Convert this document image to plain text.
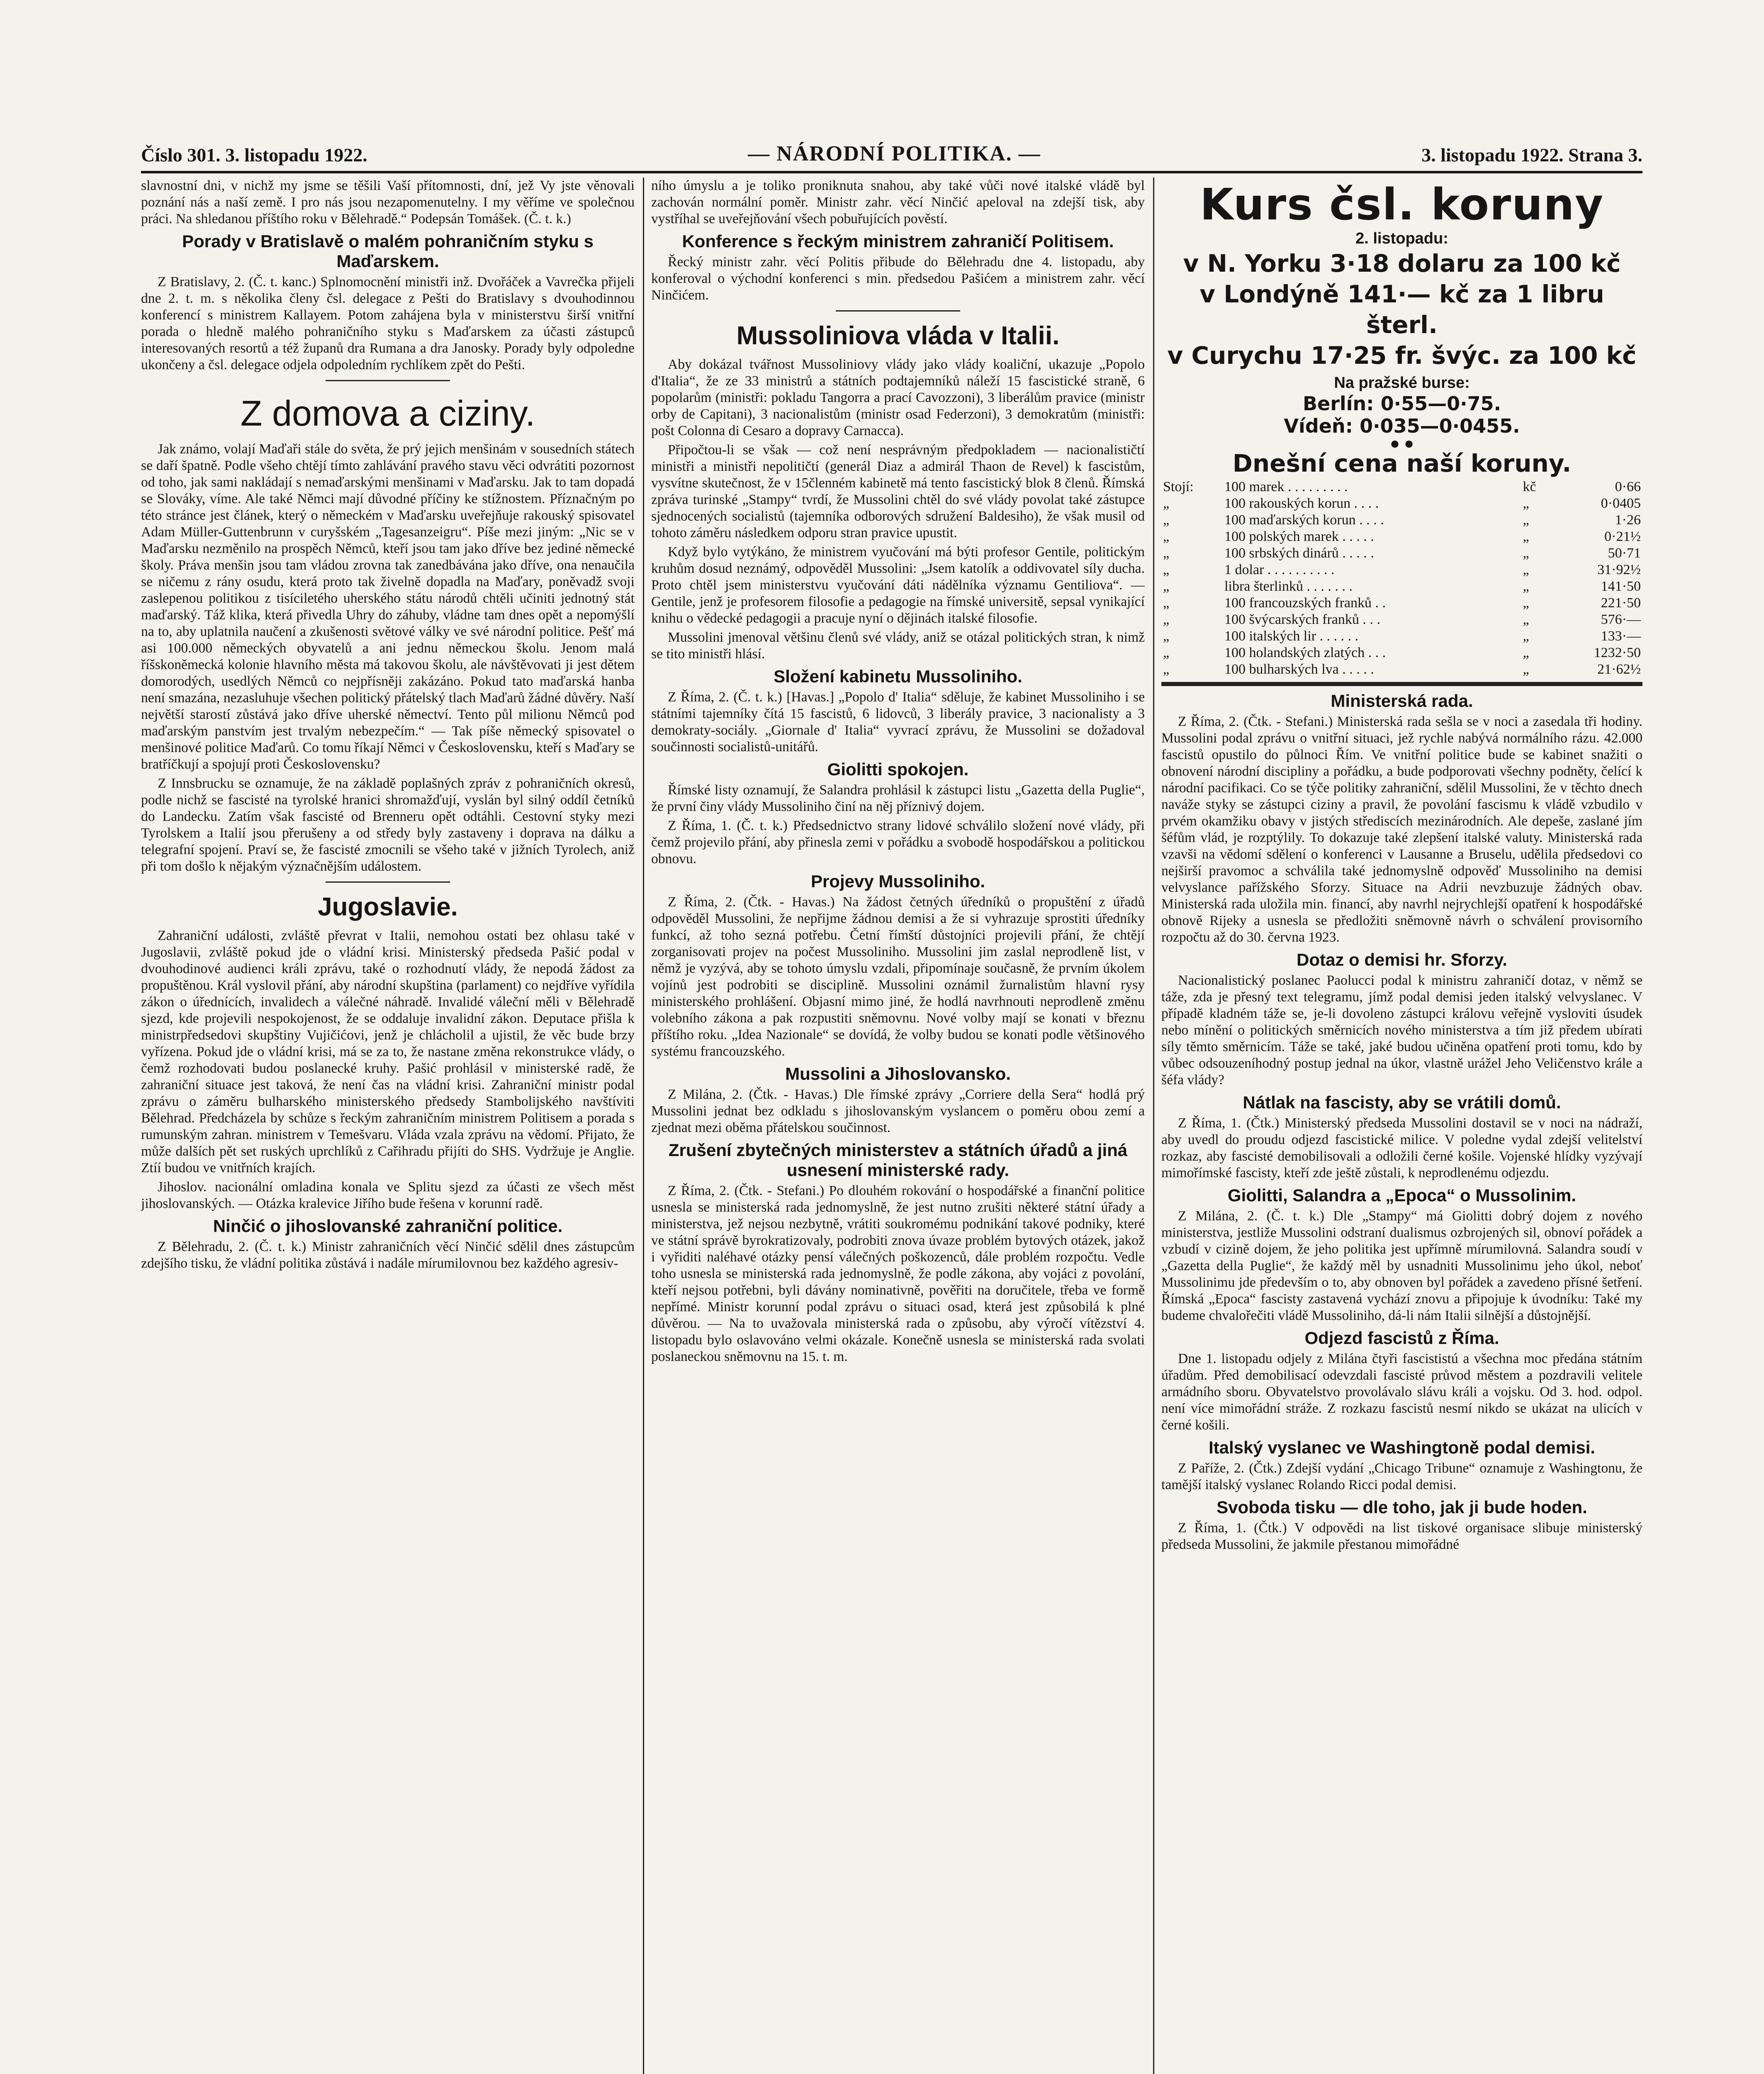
Číslo 301. 3. listopadu 1922.	— NÁRODNÍ POLITIKA. —	3. listopadu 1922. Strana 3.

slavnostní dni, v nichž my jsme se těšili Vaší přítomnosti, dní, jež Vy jste věnovali poznání nás a naší země. I pro nás jsou nezapomenutelny. I my věříme ve společnou práci. Na shledanou příštího roku v Bělehradě.“ Podepsán Tomášek. (Č. t. k.)

Porady v Bratislavě o malém pohraničním styku s Maďarskem.

Z Bratislavy, 2. (Č. t. kanc.) Splnomocnění ministři inž. Dvořáček a Vavrečka přijeli dne 2. t. m. s několika členy čsl. delegace z Pešti do Bratislavy s dvouhodinnou konferencí s ministrem Kallayem. Potom zahájena byla v ministerstvu širší vnitřní porada o hledně malého pohraničního styku s Maďarskem za účasti zástupců interesovaných resortů a též županů dra Rumana a dra Janosky. Porady byly odpoledne ukončeny a čsl. delegace odjela odpoledním rychlíkem zpět do Pešti.

Z domova a ciziny.

Jak známo, volají Maďaři stále do světa, že prý jejich menšinám v sousedních státech se daří špatně. Podle všeho chtějí tímto zahlávání pravého stavu věci odvrátiti pozornost od toho, jak sami nakládají s nemaďarskými menšinami v Maďarsku. Jak to tam dopadá se Slováky, víme. Ale také Němci mají důvodné příčiny ke stížnostem. Příznačným po této stránce jest článek, který o německém v Maďarsku uveřejňuje rakouský spisovatel Adam Müller-Guttenbrunn v curyšském „Tagesanzeigru“. Píše mezi jiným: „Nic se v Maďarsku nezměnilo na prospěch Němců, kteří jsou tam jako dříve bez jediné německé školy. Práva menšin jsou tam vládou zrovna tak zanedbávána jako dříve, ona nenaučila se ničemu z rány osudu, která proto tak živelně dopadla na Maďary, poněvadž svoji zaslepenou politikou z tisíciletého uherského státu národů chtěli učiniti jednotný stát maďarský. Táž klika, která přivedla Uhry do záhuby, vládne tam dnes opět a nepomýšlí na to, aby uplatnila naučení a zkušenosti světové války ve své národní politice. Pešť má asi 100.000 německých obyvatelů a ani jednu německou školu. Jenom malá říšskoněmecká kolonie hlavního města má takovou školu, ale návštěvovati ji jest dětem domorodých, usedlých Němců co nejpřísněji zakázáno. Pokud tato maďarská hanba není smazána, nezasluhuje všechen politický přátelský tlach Maďarů žádné důvěry. Naší největší starostí zůstává jako dříve uherské němectví. Tento půl milionu Němců pod maďarským panstvím jest trvalým nebezpečím.“ — Tak píše německý spisovatel o menšinové politice Maďarů. Co tomu říkají Němci v Československu, kteří s Maďary se bratříčkují a spojují proti Československu?

Z Innsbrucku se oznamuje, že na základě poplašných zpráv z pohraničních okresů, podle nichž se fascisté na tyrolské hranici shromažďují, vyslán byl silný oddíl četníků do Landecku. Zatím však fascisté od Brenneru opět odtáhli. Cestovní styky mezi Tyrolskem a Italií jsou přerušeny a od středy byly zastaveny i doprava na dálku a telegrafní spojení. Praví se, že fascisté zmocnili se všeho také v jižních Tyrolech, aniž při tom došlo k nějakým význačnějším událostem.

Jugoslavie.

Zahraniční události, zvláště převrat v Italii, nemohou ostati bez ohlasu také v Jugoslavii, zvláště pokud jde o vládní krisi. Ministerský předseda Pašić podal v dvouhodinové audienci králi zprávu, také o rozhodnutí vlády, že nepodá žádost za propuštěnou. Král vyslovil přání, aby národní skupština (parlament) co nejdříve vyřídila zákon o úřednících, invalidech a válečné náhradě. Invalidé váleční měli v Bělehradě sjezd, kde projevili nespokojenost, že se oddaluje invalidní zákon. Deputace přišla k ministrpředsedovi skupštiny Vujičićovi, jenž je chlácholil a ujistil, že věc bude brzy vyřízena. Pokud jde o vládní krisi, má se za to, že nastane změna rekonstrukce vlády, o čemž rozhodovati budou poslanecké kruhy. Pašić prohlásil v ministerské radě, že zahraniční situace jest taková, že není čas na vládní krisi. Zahraniční ministr podal zprávu o záměru bulharského ministerského předsedy Stambolijského navštíviti Bělehrad. Předcházela by schůze s řeckým zahraničním ministrem Politisem a porada s rumunským zahran. ministrem v Temešvaru. Vláda vzala zprávu na vědomí. Přijato, že může dalších pět set ruských uprchlíků z Cařihradu přijíti do SHS. Vydržuje je Anglie. Ztíí budou ve vnitřních krajích.

Jihoslov. nacionální omladina konala ve Splitu sjezd za účasti ze všech měst jihoslovanských. — Otázka kralevice Jiřího bude řešena v korunní radě.

Ninčić o jihoslovanské zahraniční politice.

Z Bělehradu, 2. (Č. t. k.) Ministr zahraničních věcí Ninčić sdělil dnes zástupcům zdejšího tisku, že vládní politika zůstává i nadále mírumilovnou bez každého agresiv-

ního úmyslu a je toliko proniknuta snahou, aby také vůči nové italské vládě byl zachován normální poměr. Ministr zahr. věcí Ninčić apeloval na zdejší tisk, aby vystříhal se uveřejňování všech pobuřujících pověstí.

Konference s řeckým ministrem zahraničí Politisem.

Řecký ministr zahr. věcí Politis přibude do Bělehradu dne 4. listopadu, aby konferoval o východní konferenci s min. předsedou Pašićem a ministrem zahr. věcí Ninčićem.

Mussoliniova vláda v Italii.

Aby dokázal tvářnost Mussoliniovy vlády jako vlády koaliční, ukazuje „Popolo d'Italia“, že ze 33 ministrů a státních podtajemníků náleží 15 fascistické straně, 6 popolarům (ministři: pokladu Tangorra a prací Cavozzoni), 3 liberálům pravice (ministr orby de Capitani), 3 nacionalistům (ministr osad Federzoni), 3 demokratům (ministři: pošt Colonna di Cesaro a dopravy Carnacca).

Připočtou-li se však — což není nesprávným předpokladem — nacionalističtí ministři a ministři nepolitičtí (generál Diaz a admirál Thaon de Revel) k fascistům, vysvítne skutečnost, že v 15členném kabinetě má tento fascistický blok 8 členů. Římská zpráva turinské „Stampy“ tvrdí, že Mussolini chtěl do své vlády povolat také zástupce sjednocených socialistů (tajemníka odborových sdružení Baldesiho), že však musil od tohoto záměru následkem odporu stran pravice upustit.

Když bylo vytýkáno, že ministrem vyučování má býti profesor Gentile, politickým kruhům dosud neznámý, odpověděl Mussolini: „Jsem katolík a oddivovatel síly ducha. Proto chtěl jsem ministerstvu vyučování dáti nádělníka významu Gentiliova“. — Gentile, jenž je profesorem filosofie a pedagogie na římské universitě, sepsal vynikající knihu o vědecké pedagogii a pracuje nyní o dějinách italské filosofie.

Mussolini jmenoval většinu členů své vlády, aniž se otázal politických stran, k nimž se tito ministři hlásí.

Složení kabinetu Mussoliniho.

Z Říma, 2. (Č. t. k.) [Havas.] „Popolo d' Italia“ sděluje, že kabinet Mussoliniho i se státními tajemníky čítá 15 fascistů, 6 lidovců, 3 liberály pravice, 3 nacionalisty a 3 demokraty-sociály. „Giornale d' Italia“ vyvrací zprávu, že Mussolini se dožadoval součinnosti socialistů-unitářů.

Giolitti spokojen.

Římské listy oznamují, že Salandra prohlásil k zástupci listu „Gazetta della Puglie“, že první činy vlády Mussoliniho činí na něj příznivý dojem.

Z Říma, 1. (Č. t. k.) Předsednictvo strany lidové schválilo složení nové vlády, při čemž projevilo přání, aby přinesla zemi v pořádku a svobodě hospodářskou a politickou obnovu.

Projevy Mussoliniho.

Z Říma, 2. (Čtk. - Havas.) Na žádost četných úředníků o propuštění z úřadů odpověděl Mussolini, že nepřijme žádnou demisi a že si vyhrazuje sprostiti úředníky funkcí, až toho sezná potřebu. Četní římští důstojníci projevili přání, že chtějí zorganisovati projev na počest Mussoliniho. Mussolini jim zaslal neprodleně list, v němž je vyzývá, aby se tohoto úmyslu vzdali, připomínaje současně, že prvním úkolem vojínů jest podrobiti se disciplině. Mussolini oznámil žurnalistům hlavní rysy ministerského prohlášení. Objasní mimo jiné, že hodlá navrhnouti neprodleně změnu volebního zákona a pak rozpustiti sněmovnu. Nové volby mají se konati v březnu příštího roku. „Idea Nazionale“ se dovídá, že volby budou se konati podle většinového systému francouzského.

Mussolini a Jihoslovansko.

Z Milána, 2. (Čtk. - Havas.) Dle římské zprávy „Corriere della Sera“ hodlá prý Mussolini jednat bez odkladu s jihoslovanským vyslancem o poměru obou zemí a zjednat mezi oběma přátelskou součinnost.

Zrušení zbytečných ministerstev a státních úřadů a jiná usnesení ministerské rady.

Z Říma, 2. (Čtk. - Stefani.) Po dlouhém rokování o hospodářské a finanční politice usnesla se ministerská rada jednomyslně, že jest nutno zrušiti některé státní úřady a ministerstva, jež nejsou nezbytně, vrátiti soukromému podnikání takové podniky, které ve státní správě byrokratizovaly, podrobiti znova úvaze problém bytových otázek, jakož i vyřiditi naléhavé otázky pensí válečných poškozenců, dále problém rozpočtu. Vedle toho usnesla se ministerská rada jednomyslně, že podle zákona, aby vojáci z povolání, kteří nejsou potřebni, byli dávány nominativně, pověřiti na doručitele, třeba ve formě nepřímé. Ministr korunní podal zprávu o situaci osad, která jest způsobilá k plné důvěrou. — Na to uvažovala ministerská rada o způsobu, aby výročí vítězství 4. listopadu bylo oslavováno velmi okázale. Konečně usnesla se ministerská rada svolati poslaneckou sněmovnu na 15. t. m.

Kurs čsl. koruny
2. listopadu:
v N. Yorku 3·18 dolaru za 100 kč
v Londýně 141·— kč za 1 libru šterl.
v Curychu 17·25 fr. švýc. za 100 kč
Na pražské burse:
Berlín: 0·55—0·75.
Vídeň: 0·035—0·0455.
● ●
Dnešní cena naší koruny.
Stojí:	100 marek . . . . . . . . .	kč	0·66
„	100 rakouských korun . . . .	„	0·0405
„	100 maďarských korun . . . .	„	1·26
„	100 polských marek . . . . .	„	0·21½
„	100 srbských dinárů . . . . .	„	50·71
„	1 dolar . . . . . . . . . .	„	31·92½
„	libra šterlinků . . . . . . .	„	141·50
„	100 francouzských franků . .	„	221·50
„	100 švýcarských franků . . .	„	576·—
„	100 italských lir . . . . . .	„	133·—
„	100 holandských zlatých . . .	„	1232·50
„	100 bulharských lva . . . . .	„	21·62½
Ministerská rada.

Z Říma, 2. (Čtk. - Stefani.) Ministerská rada sešla se v noci a zasedala tři hodiny. Mussolini podal zprávu o vnitřní situaci, jež rychle nabývá normálního rázu. 42.000 fascistů opustilo do půlnoci Řím. Ve vnitřní politice bude se kabinet snažiti o obnovení národní discipliny a pořádku, a bude podporovati všechny podněty, čelící k národní pacifikaci. Co se týče politiky zahraniční, sdělil Mussolini, že v těchto dnech naváže styky se zástupci ciziny a pravil, že povolání fascismu k vládě vzbudilo v prvém okamžiku obavy v jistých střediscích mezinárodních. Ale depeše, zaslané jím šéfům vlád, je rozptýlily. To dokazuje také zlepšení italské valuty. Ministerská rada vzavši na vědomí sdělení o konferenci v Lausanne a Bruselu, udělila předsedovi co nejširší pravomoc a schválila také jednomyslně odpověď Mussoliniho na demisi velvyslance pařížského Sforzy. Situace na Adrii nevzbuzuje žádných obav. Ministerská rada uložila min. financí, aby navrhl nejrychlejší opatření k hospodářské obnově Rijeky a usnesla se předložiti sněmovně návrh o schválení provisorního rozpočtu až do 30. června 1923.

Dotaz o demisi hr. Sforzy.

Nacionalistický poslanec Paolucci podal k ministru zahraničí dotaz, v němž se táže, zda je přesný text telegramu, jímž podal demisi jeden italský velvyslanec. V případě kladném táže se, je-li dovoleno zástupci královu veřejně vysloviti úsudek nebo mínění o politických směrnicích nového ministerstva a tím již předem ubírati síly těmto směrnicím. Táže se také, jaké budou učiněna opatření proti tomu, kdo by vůbec odsouzeníhodný postup jednal na úkor, vlastně urážel Jeho Veličenstvo krále a šéfa vlády?

Nátlak na fascisty, aby se vrátili domů.

Z Říma, 1. (Čtk.) Ministerský předseda Mussolini dostavil se v noci na nádraží, aby uvedl do proudu odjezd fascistické milice. V poledne vydal zdejší velitelství rozkaz, aby fascisté demobilisovali a odložili černé košile. Vojenské hlídky vyzývají mimořímské fascisty, kteří zde ještě zůstali, k neprodlenému odjezdu.

Giolitti, Salandra a „Epoca“ o Mussolinim.

Z Milána, 2. (Č. t. k.) Dle „Stampy“ má Giolitti dobrý dojem z nového ministerstva, jestliže Mussolini odstraní dualismus ozbrojených sil, obnoví pořádek a vzbudí v cizině dojem, že jeho politika jest upřímně mírumilovná. Salandra soudí v „Gazetta della Puglie“, že každý měl by usnadniti Mussolinimu jeho úkol, neboť Mussolinimu jde především o to, aby obnoven byl pořádek a zavedeno přísné šetření. Římská „Epoca“ fascisty zastavená vychází znovu a připojuje k úvodníku: Také my budeme chvalořečiti vládě Mussoliniho, dá-li nám Italii silnější a důstojnější.

Odjezd fascistů z Říma.

Dne 1. listopadu odjely z Milána čtyři fascististú a všechna moc předána státním úřadům. Před demobilisací odevzdali fascisté průvod městem a pozdravili velitele armádního sboru. Obyvatelstvo provolávalo slávu králi a vojsku. Od 3. hod. odpol. není více mimořádní stráže. Z rozkazu fascistů nesmí nikdo se ukázat na ulicích v černé košili.

Italský vyslanec ve Washingtoně podal demisi.

Z Paříže, 2. (Čtk.) Zdejší vydání „Chicago Tribune“ oznamuje z Washingtonu, že tamější italský vyslanec Rolando Ricci podal demisi.

Svoboda tisku — dle toho, jak ji bude hoden.

Z Říma, 1. (Čtk.) V odpovědi na list tiskové organisace slibuje ministerský předseda Mussolini, že jakmile přestanou mimořádné
